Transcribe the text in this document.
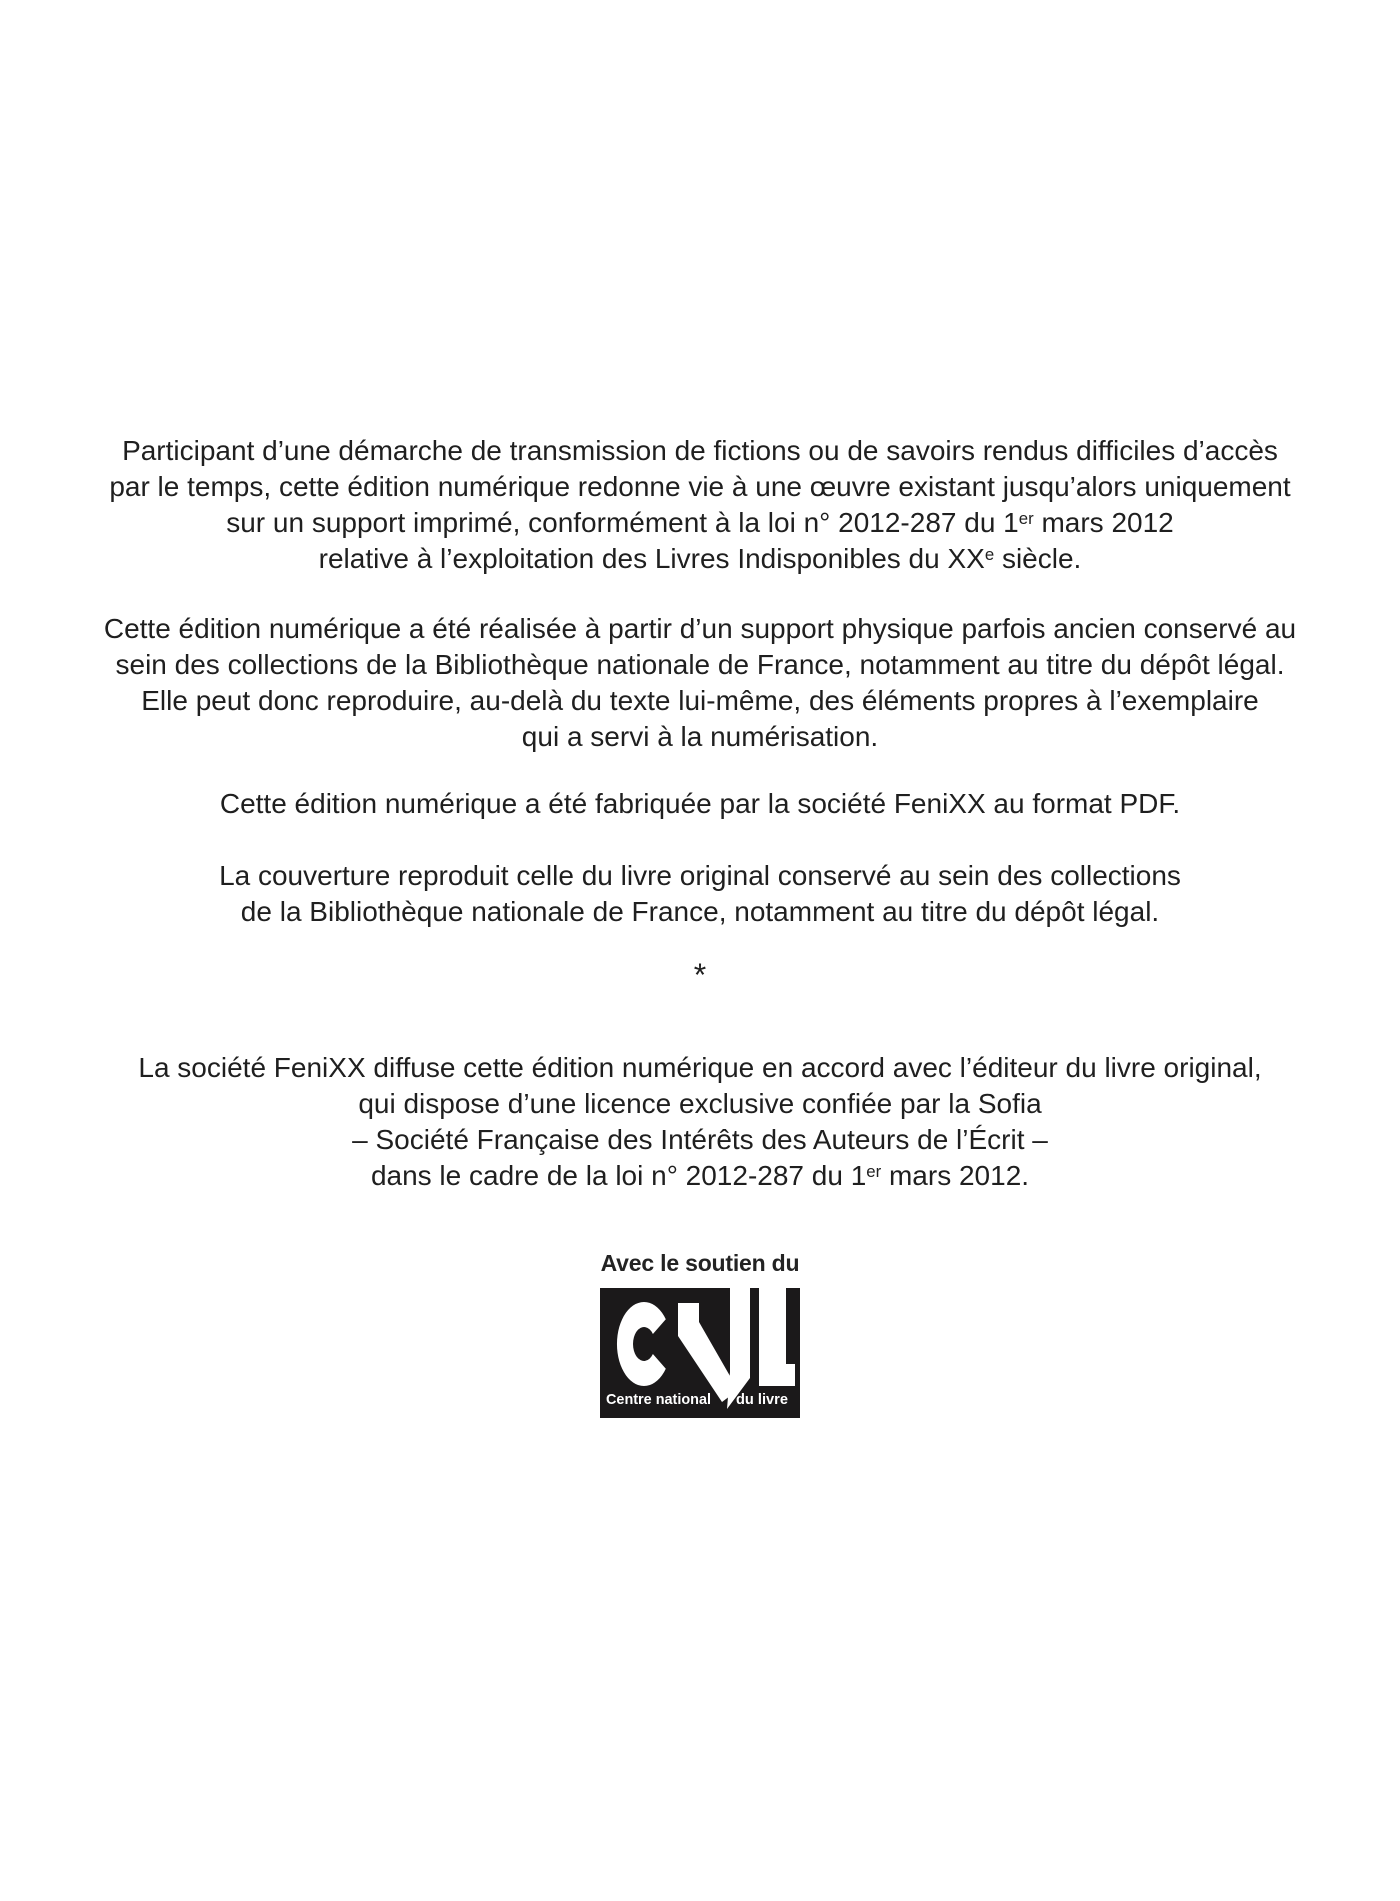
Participant d’une démarche de transmission de fictions ou de savoirs rendus difficiles d’accès
par le temps, cette édition numérique redonne vie à une œuvre existant jusqu’alors uniquement
sur un support imprimé, conformément à la loi n° 2012-287 du 1er mars 2012
relative à l’exploitation des Livres Indisponibles du XXe siècle.
Cette édition numérique a été réalisée à partir d’un support physique parfois ancien conservé au
sein des collections de la Bibliothèque nationale de France, notamment au titre du dépôt légal.
Elle peut donc reproduire, au-delà du texte lui-même, des éléments propres à l’exemplaire
qui a servi à la numérisation.
Cette édition numérique a été fabriquée par la société FeniXX au format PDF.
La couverture reproduit celle du livre original conservé au sein des collections
de la Bibliothèque nationale de France, notamment au titre du dépôt légal.
*
La société FeniXX diffuse cette édition numérique en accord avec l’éditeur du livre original,
qui dispose d’une licence exclusive confiée par la Sofia
– Société Française des Intérêts des Auteurs de l’Écrit –
dans le cadre de la loi n° 2012-287 du 1er mars 2012.
Avec le soutien du
Centre national du livre
